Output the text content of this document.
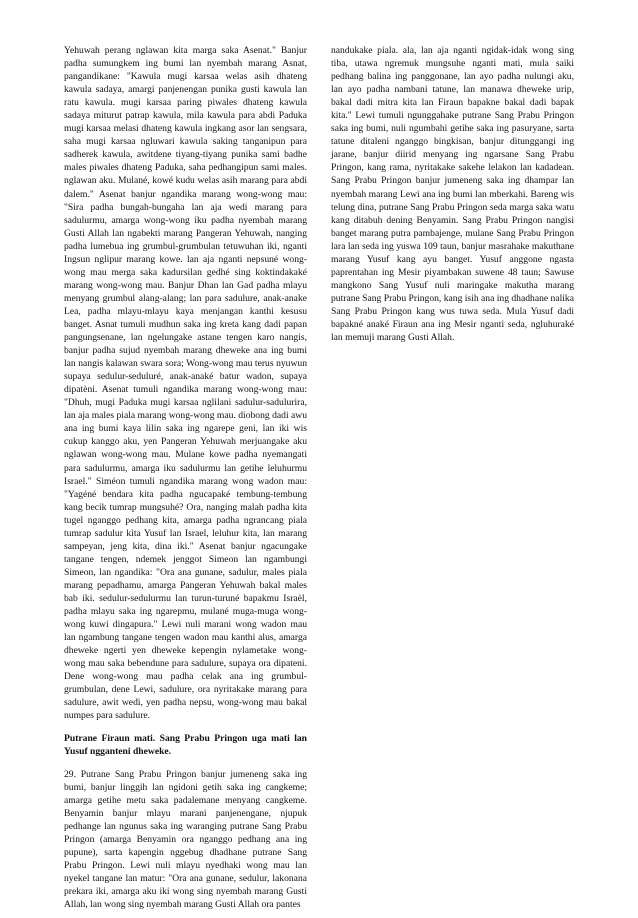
Yehuwah perang nglawan kita marga saka Asenat." Banjur padha sumungkem ing bumi lan nyembah marang Asnat, pangandikane: "Kawula mugi karsaa welas asih dhateng kawula sadaya, amargi panjenengan punika gusti kawula lan ratu kawula. mugi karsaa paring piwales dhateng kawula sadaya miturut patrap kawula, mila kawula para abdi Paduka mugi karsaa melasi dhateng kawula ingkang asor lan sengsara, saha mugi karsaa ngluwari kawula saking tanganipun para sadherek kawula, awitdene tiyang-tiyang punika sami badhe males piwales dhateng Paduka, saha pedhangipun sami males. nglawan aku. Mulané, kowé kudu welas asih marang para abdi dalem." Asenat banjur ngandika marang wong-wong mau: "Sira padha bungah-bungaha lan aja wedi marang para sadulurmu, amarga wong-wong iku padha nyembah marang Gusti Allah lan ngabekti marang Pangeran Yehuwah, nanging padha lumebua ing grumbul-grumbulan tetuwuhan iki, nganti Ingsun nglipur marang kowe. lan aja nganti nepsuné wong-wong mau merga saka kadursilan gedhé sing koktindakaké marang wong-wong mau. Banjur Dhan lan Gad padha mlayu menyang grumbul alang-alang; lan para sadulure, anak-anake Lea, padha mlayu-mlayu kaya menjangan kanthi kesusu banget. Asnat tumuli mudhun saka ing kreta kang dadi papan pangungsenane, lan ngelungake astane tengen karo nangis, banjur padha sujud nyembah marang dheweke ana ing bumi lan nangis kalawan swara sora; Wong-wong mau terus nyuwun supaya sedulur-seduluré, anak-anaké batur wadon, supaya dipatèni. Asenat tumuli ngandika marang wong-wong mau: "Dhuh, mugi Paduka mugi karsaa nglilani sadulur-sadulurira, lan aja males piala marang wong-wong mau. diobong dadi awu ana ing bumi kaya lilin saka ing ngarepe geni, lan iki wis cukup kanggo aku, yen Pangeran Yehuwah merjuangake aku nglawan wong-wong mau. Mulane kowe padha nyemangati para sadulurmu, amarga iku sadulurmu lan getihe leluhurmu Israel." Siméon tumuli ngandika marang wong wadon mau: "Yagéné bendara kita padha ngucapaké tembung-tembung kang becik tumrap mungsuhé? Ora, nanging malah padha kita tugel nganggo pedhang kita, amarga padha ngrancang piala tumrap sadulur kita Yusuf lan Israel, leluhur kita, lan marang sampeyan, jeng kita, dina iki." Asenat banjur ngacungake tangane tengen, ndemek jenggot Simeon lan ngambungi Simeon, lan ngandika: "Ora ana gunane, sadulur, males piala marang pepadhamu, amarga Pangeran Yehuwah bakal males bab iki. sedulur-sedulurmu lan turun-turuné bapakmu Israèl, padha mlayu saka ing ngarepmu, mulané muga-muga wong-wong kuwi dingapura." Lewi nuli marani wong wadon mau lan ngambung tangane tengen wadon mau kanthi alus, amarga dheweke ngerti yen dheweke kepengin nylametake wong-wong mau saka bebendune para sadulure, supaya ora dipateni. Dene wong-wong mau padha celak ana ing grumbul-grumbulan, dene Lewi, sadulure, ora nyritakake marang para sadulure, awit wedi, yen padha nepsu, wong-wong mau bakal numpes para sadulure.

Putrane Firaun mati. Sang Prabu Pringon uga mati lan Yusuf ngganteni dheweke.

29. Putrane Sang Prabu Pringon banjur jumeneng saka ing bumi, banjur linggih lan ngidoni getih saka ing cangkeme; amarga getihe metu saka padalemane menyang cangkeme. Benyamin banjur mlayu marani panjenengane, njupuk pedhange lan ngunus saka ing waranging putrane Sang Prabu Pringon (amarga Benyamin ora nganggo pedhang ana ing pupune), sarta kapengin nggebug dhadhane putrane Sang Prabu Pringon. Lewi nuli mlayu nyedhaki wong mau lan nyekel tangane lan matur: "Ora ana gunane, sedulur, lakonana prekara iki, amarga aku iki wong sing nyembah marang Gusti Allah, lan wong sing nyembah marang Gusti Allah ora pantes

nandukake piala. ala, lan aja nganti ngidak-idak wong sing tiba, utawa ngremuk mungsuhe nganti mati, mula saiki pedhang balina ing panggonane, lan ayo padha nulungi aku, lan ayo padha nambani tatune, lan manawa dheweke urip, bakal dadi mitra kita lan Firaun bapakne bakal dadi bapak kita." Lewi tumuli ngunggahake putrane Sang Prabu Pringon saka ing bumi, nuli ngumbahi getihe saka ing pasuryane, sarta tatune ditaleni nganggo bingkisan, banjur ditunggangi ing jarane, banjur diirid menyang ing ngarsane Sang Prabu Pringon, kang rama, nyritakake sakehe lelakon lan kadadean. Sang Prabu Pringon banjur jumeneng saka ing dhampar lan nyembah marang Lewi ana ing bumi lan mberkahi. Bareng wis telung dina, putrane Sang Prabu Pringon seda marga saka watu kang ditabuh dening Benyamin. Sang Prabu Pringon nangisi banget marang putra pambajenge, mulane Sang Prabu Pringon lara lan seda ing yuswa 109 taun, banjur masrahake makuthane marang Yusuf kang ayu banget. Yusuf anggone ngasta paprentahan ing Mesir piyambakan suwene 48 taun; Sawuse mangkono Sang Yusuf nuli maringake makutha marang putrane Sang Prabu Pringon, kang isih ana ing dhadhane nalika Sang Prabu Pringon kang wus tuwa seda. Mula Yusuf dadi bapakné anaké Firaun ana ing Mesir nganti seda, ngluhuraké lan memuji marang Gusti Allah.
